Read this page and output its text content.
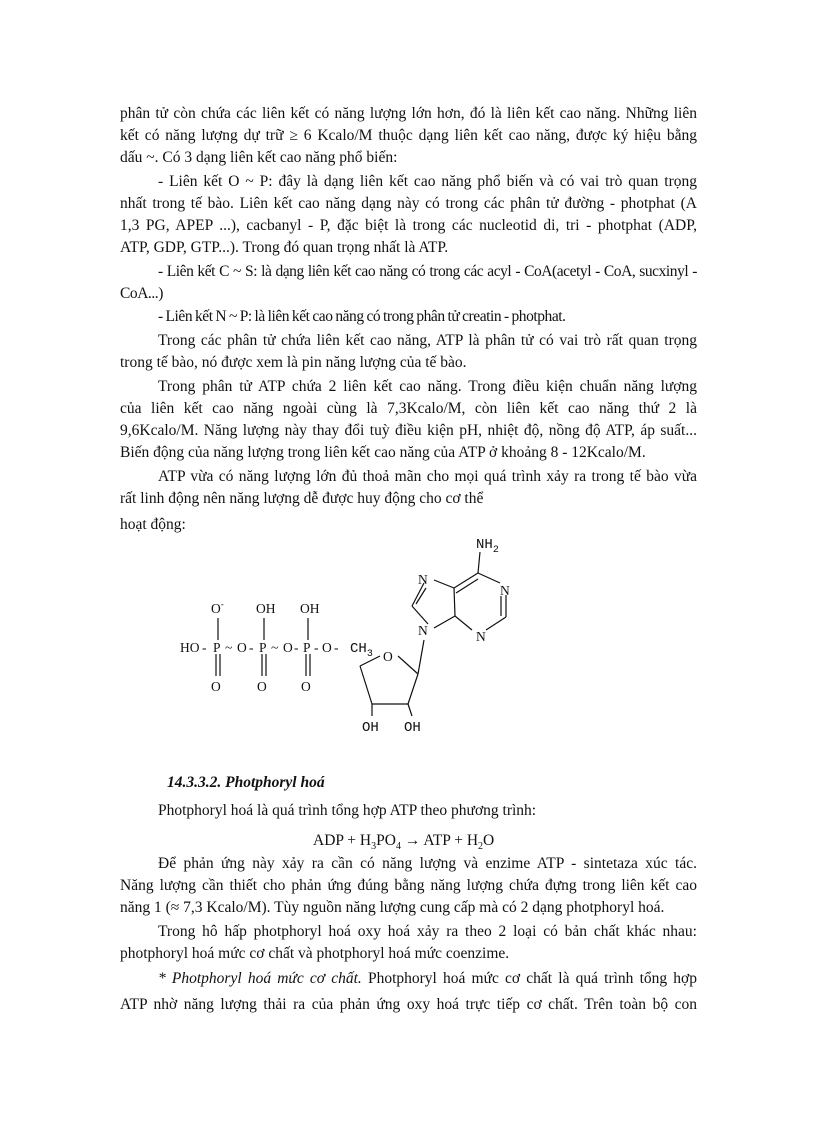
phân tử còn chứa các liên kết có năng lượng lớn hơn, đó là liên kết cao năng. Những liên
kết có năng lượng dự trữ ≥ 6 Kcalo/M thuộc dạng liên kết cao năng, được ký hiệu bằng
dấu ~. Có 3 dạng liên kết cao năng phổ biến:
- Liên kết O ~ P: đây là dạng liên kết cao năng phổ biến và có vai trò quan trọng
nhất trong tế bào. Liên kết cao năng dạng này có trong các phân tử đường - photphat (A
1,3 PG, APEP ...), cacbanyl - P, đặc biệt là trong các nucleotid di, tri - photphat (ADP,
ATP, GDP, GTP...). Trong đó quan trọng nhất là ATP.
- Liên kết C ~ S: là dạng liên kết cao năng có trong các acyl - CoA(acetyl - CoA, sucxinyl -
CoA...)
- Liên kết N ~ P: là liên kết cao năng có trong phân tử creatin - photphat.
Trong các phân tử chứa liên kết cao năng, ATP là phân tử có vai trò rất quan trọng
trong tế bào, nó được xem là pin năng lượng của tế bào.
Trong phân tử ATP chứa 2 liên kết cao năng. Trong điều kiện chuẩn năng lượng
của liên kết cao năng ngoài cùng là 7,3Kcalo/M, còn liên kết cao năng thứ 2 là
9,6Kcalo/M. Năng lượng này thay đổi tuỳ điều kiện pH, nhiệt độ, nồng độ ATP, áp suất...
Biến động của năng lượng trong liên kết cao năng của ATP ở khoảng 8 - 12Kcalo/M.
ATP vừa có năng lượng lớn đủ thoả mãn cho mọi quá trình xảy ra trong tế bào vừa
rất linh động nên năng lượng dễ được huy động cho cơ thể
hoạt động:
$NH_2$
N
N
N	N
O- OH OH
HO - P ~ O - P ~ O - P - O -
O	O	O
$CH_3$ O
OH OH
14.3.3.2. Photphoryl hoá
Photphoryl hoá là quá trình tổng hợp ATP theo phương trình:
ADP + $H_3PO_4$ → ATP + $H_2O$
Để phản ứng này xảy ra cần có năng lượng và enzime ATP - sintetaza xúc tác.
Năng lượng cần thiết cho phản ứng đúng bằng năng lượng chứa đựng trong liên kết cao
năng 1 (≈ 7,3 Kcalo/M). Tùy nguồn năng lượng cung cấp mà có 2 dạng photphoryl hoá.
Trong hô hấp photphoryl hoá oxy hoá xảy ra theo 2 loại có bản chất khác nhau:
photphoryl hoá mức cơ chất và photphoryl hoá mức coenzime.
* Photphoryl hoá mức cơ chất. Photphoryl hoá mức cơ chất là quá trình tổng hợp
ATP nhờ năng lượng thải ra của phản ứng oxy hoá trực tiếp cơ chất. Trên toàn bộ con
